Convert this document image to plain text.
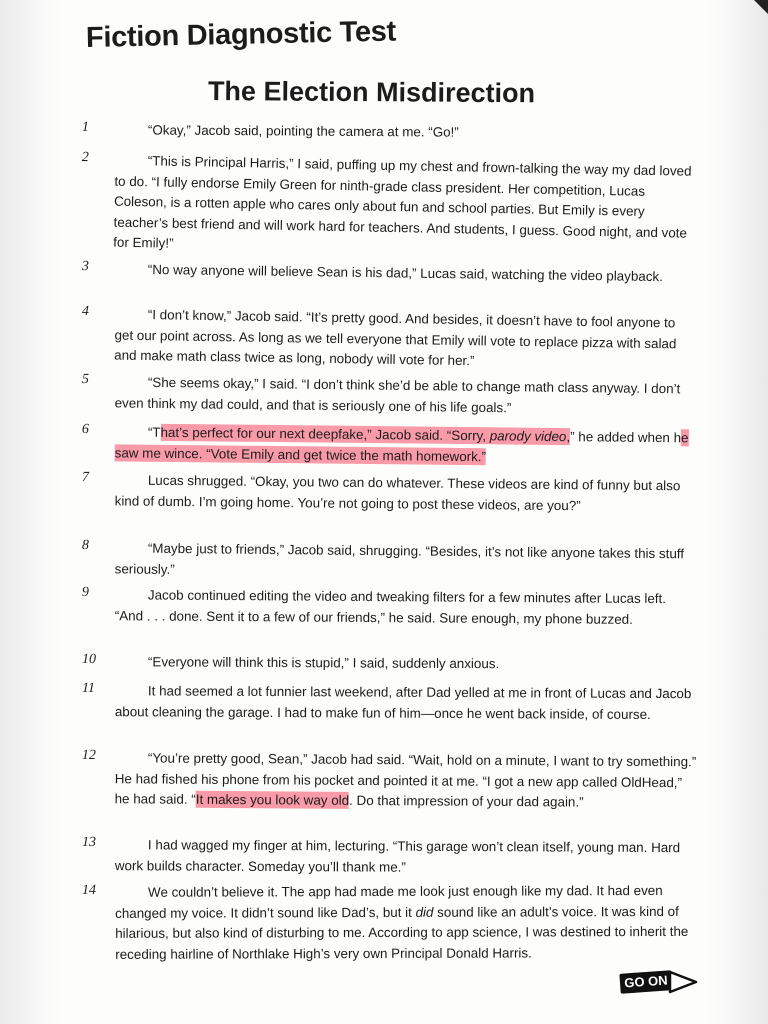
Fiction Diagnostic Test
The Election Misdirection
1	“Okay,” Jacob said, pointing the camera at me. “Go!”
2	“This is Principal Harris,” I said, puffing up my chest and frown-talking the way my dad loved to do. “I fully endorse Emily Green for ninth-grade class president. Her competition, Lucas Coleson, is a rotten apple who cares only about fun and school parties. But Emily is every teacher’s best friend and will work hard for teachers. And students, I guess. Good night, and vote for Emily!”
3	“No way anyone will believe Sean is his dad,” Lucas said, watching the video playback.
4	“I don’t know,” Jacob said. “It’s pretty good. And besides, it doesn’t have to fool anyone to get our point across. As long as we tell everyone that Emily will vote to replace pizza with salad and make math class twice as long, nobody will vote for her.”
5	“She seems okay,” I said. “I don’t think she’d be able to change math class anyway. I don’t even think my dad could, and that is seriously one of his life goals.”
6	“That’s perfect for our next deepfake,” Jacob said. “Sorry, parody video,” he added when he saw me wince. “Vote Emily and get twice the math homework.”
7	Lucas shrugged. “Okay, you two can do whatever. These videos are kind of funny but also kind of dumb. I’m going home. You’re not going to post these videos, are you?”
8	“Maybe just to friends,” Jacob said, shrugging. “Besides, it’s not like anyone takes this stuff seriously.”
9	Jacob continued editing the video and tweaking filters for a few minutes after Lucas left. “And . . . done. Sent it to a few of our friends,” he said. Sure enough, my phone buzzed.
10	“Everyone will think this is stupid,” I said, suddenly anxious.
11	It had seemed a lot funnier last weekend, after Dad yelled at me in front of Lucas and Jacob about cleaning the garage. I had to make fun of him—once he went back inside, of course.
12	“You’re pretty good, Sean,” Jacob had said. “Wait, hold on a minute, I want to try something.” He had fished his phone from his pocket and pointed it at me. “I got a new app called OldHead,” he had said. “It makes you look way old. Do that impression of your dad again.”
13	I had wagged my finger at him, lecturing. “This garage won’t clean itself, young man. Hard work builds character. Someday you’ll thank me.”
14	We couldn’t believe it. The app had made me look just enough like my dad. It had even changed my voice. It didn’t sound like Dad’s, but it did sound like an adult’s voice. It was kind of hilarious, but also kind of disturbing to me. According to app science, I was destined to inherit the receding hairline of Northlake High’s very own Principal Donald Harris.
GO ON
